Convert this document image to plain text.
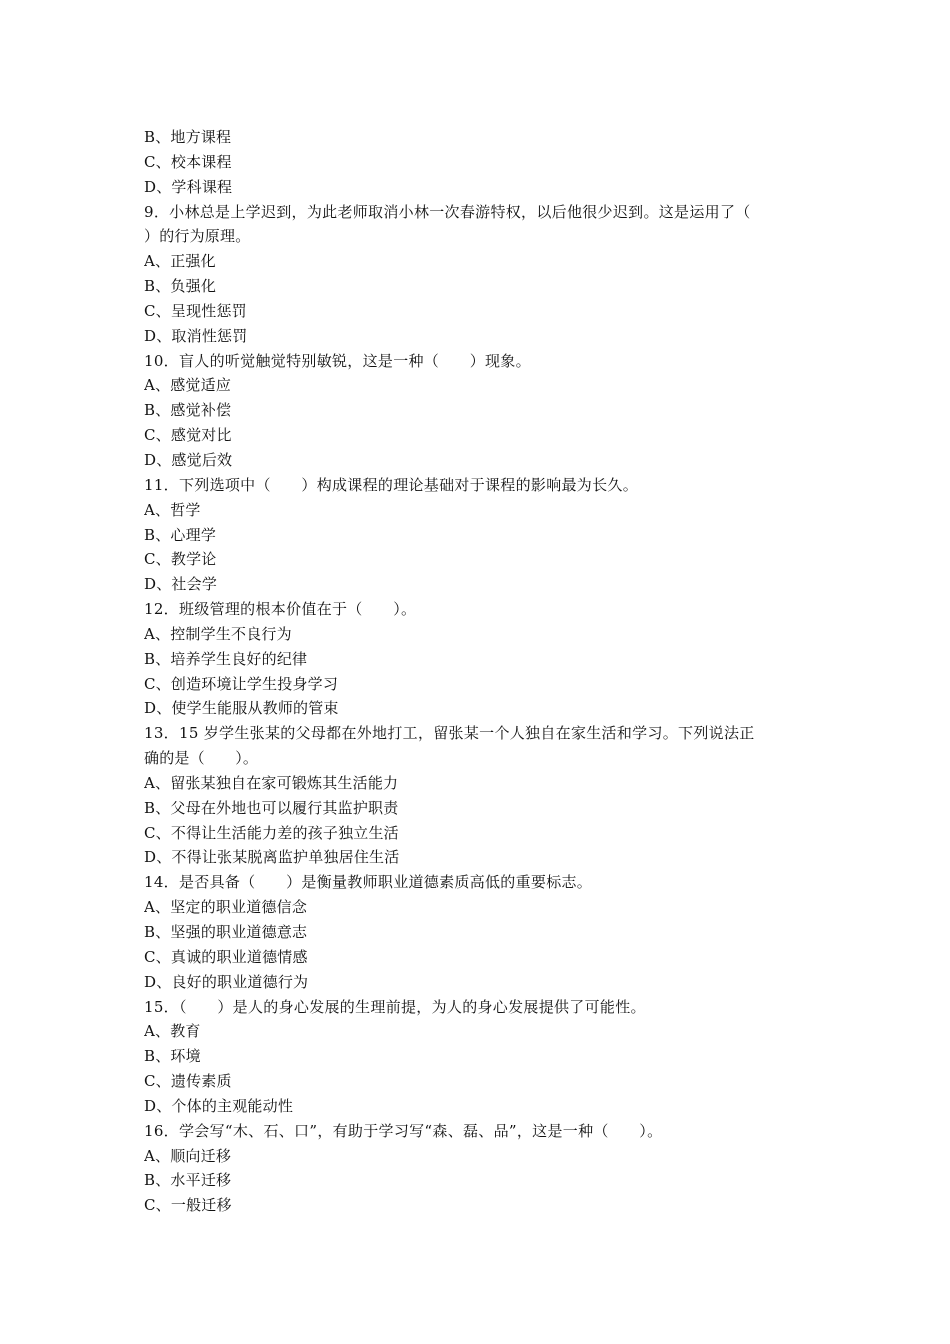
B、地方课程
C、校本课程
D、学科课程
9．小林总是上学迟到，为此老师取消小林一次春游特权，以后他很少迟到。这是运用了（
）的行为原理。
A、正强化
B、负强化
C、呈现性惩罚
D、取消性惩罚
10．盲人的听觉触觉特别敏锐，这是一种（　　）现象。
A、感觉适应
B、感觉补偿
C、感觉对比
D、感觉后效
11．下列选项中（　　）构成课程的理论基础对于课程的影响最为长久。
A、哲学
B、心理学
C、教学论
D、社会学
12．班级管理的根本价值在于（　　）。
A、控制学生不良行为
B、培养学生良好的纪律
C、创造环境让学生投身学习
D、使学生能服从教师的管束
13．15 岁学生张某的父母都在外地打工，留张某一个人独自在家生活和学习。下列说法正
确的是（　　）。
A、留张某独自在家可锻炼其生活能力
B、父母在外地也可以履行其监护职责
C、不得让生活能力差的孩子独立生活
D、不得让张某脱离监护单独居住生活
14．是否具备（　　）是衡量教师职业道德素质高低的重要标志。
A、坚定的职业道德信念
B、坚强的职业道德意志
C、真诚的职业道德情感
D、良好的职业道德行为
15．（　　）是人的身心发展的生理前提，为人的身心发展提供了可能性。
A、教育
B、环境
C、遗传素质
D、个体的主观能动性
16．学会写“木、石、口”，有助于学习写“森、磊、品”，这是一种（　　）。
A、顺向迁移
B、水平迁移
C、一般迁移
